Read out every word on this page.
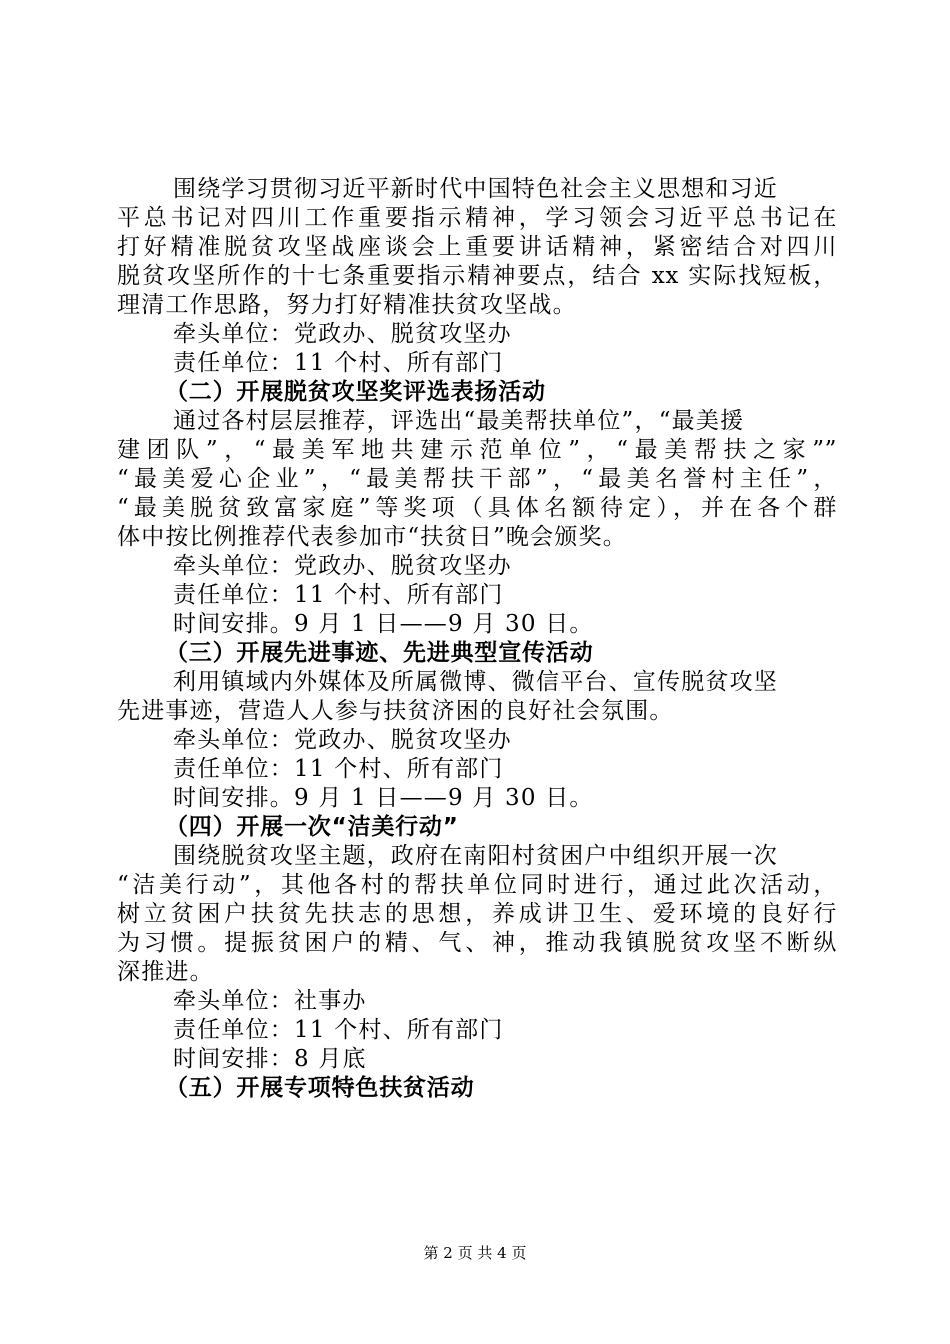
围绕学习贯彻习近平新时代中国特色社会主义思想和习近
平总书记对四川工作重要指示精神，学习领会习近平总书记在
打好精准脱贫攻坚战座谈会上重要讲话精神，紧密结合对四川
脱贫攻坚所作的十七条重要指示精神要点，结合 xx 实际找短板，
理清工作思路，努力打好精准扶贫攻坚战。
牵头单位：党政办、脱贫攻坚办
责任单位：11 个村、所有部门
（二）开展脱贫攻坚奖评选表扬活动
通过各村层层推荐，评选出“最美帮扶单位”，“最美援
建团队”，“最美军地共建示范单位”，“最美帮扶之家””
“最美爱心企业”，“最美帮扶干部”，“最美名誉村主任”，
“最美脱贫致富家庭”等奖项（具体名额待定），并在各个群
体中按比例推荐代表参加市“扶贫日”晚会颁奖。
牵头单位：党政办、脱贫攻坚办
责任单位：11 个村、所有部门
时间安排。9 月 1 日——9 月 30 日。
（三）开展先进事迹、先进典型宣传活动
利用镇域内外媒体及所属微博、微信平台、宣传脱贫攻坚
先进事迹，营造人人参与扶贫济困的良好社会氛围。
牵头单位：党政办、脱贫攻坚办
责任单位：11 个村、所有部门
时间安排。9 月 1 日——9 月 30 日。
（四）开展一次“洁美行动”
围绕脱贫攻坚主题，政府在南阳村贫困户中组织开展一次
“洁美行动”，其他各村的帮扶单位同时进行，通过此次活动，
树立贫困户扶贫先扶志的思想，养成讲卫生、爱环境的良好行
为习惯。提振贫困户的精、气、神，推动我镇脱贫攻坚不断纵
深推进。
牵头单位：社事办
责任单位：11 个村、所有部门
时间安排：8 月底
（五）开展专项特色扶贫活动
第 2 页 共 4 页
